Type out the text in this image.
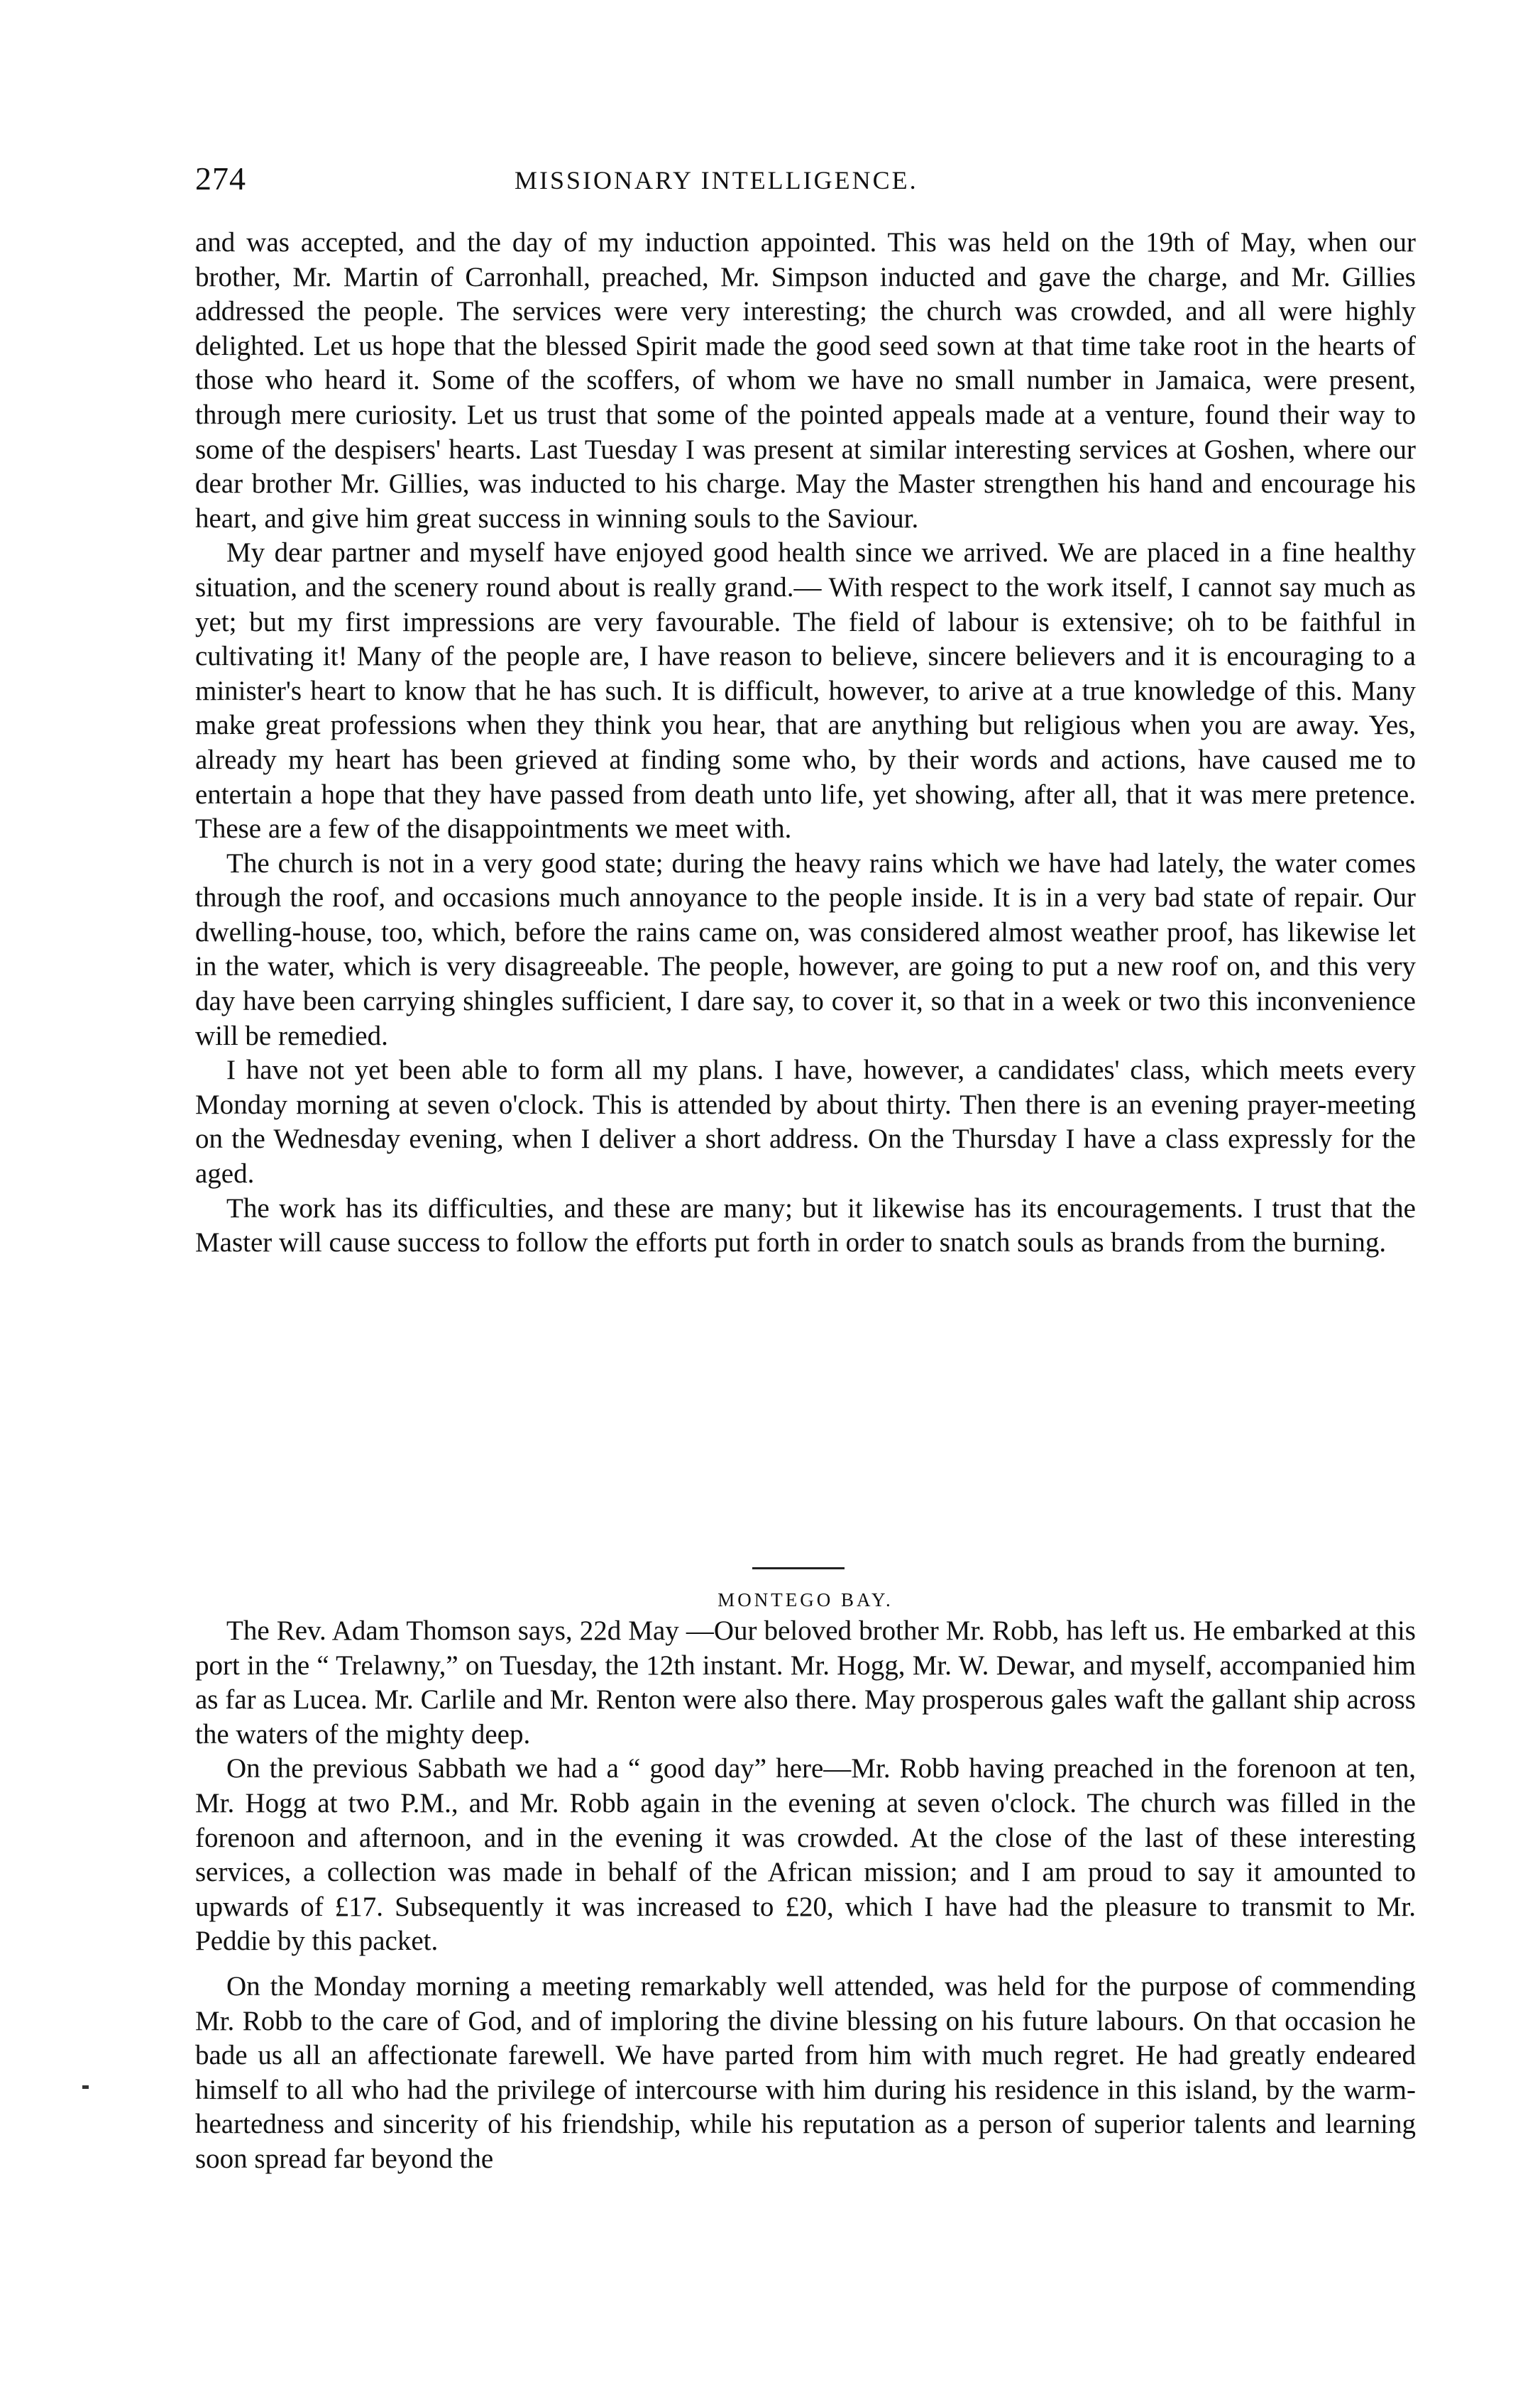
274	MISSIONARY INTELLIGENCE.

and was accepted, and the day of my induction appointed. This was held on the 19th of May, when our brother, Mr. Martin of Carronhall, preached, Mr. Simpson inducted and gave the charge, and Mr. Gillies addressed the people. The services were very interesting; the church was crowded, and all were highly delighted. Let us hope that the blessed Spirit made the good seed sown at that time take root in the hearts of those who heard it. Some of the scoffers, of whom we have no small number in Jamaica, were present, through mere curiosity. Let us trust that some of the pointed appeals made at a venture, found their way to some of the despisers' hearts. Last Tuesday I was present at similar interesting services at Goshen, where our dear brother Mr. Gillies, was inducted to his charge. May the Master strengthen his hand and encourage his heart, and give him great success in winning souls to the Saviour.

My dear partner and myself have enjoyed good health since we arrived. We are placed in a fine healthy situation, and the scenery round about is really grand.— With respect to the work itself, I cannot say much as yet; but my first impressions are very favourable. The field of labour is extensive; oh to be faithful in cultivating it! Many of the people are, I have reason to believe, sincere believers and it is encouraging to a minister's heart to know that he has such. It is difficult, however, to arive at a true knowledge of this. Many make great professions when they think you hear, that are anything but religious when you are away. Yes, already my heart has been grieved at finding some who, by their words and actions, have caused me to entertain a hope that they have passed from death unto life, yet showing, after all, that it was mere pretence. These are a few of the disappointments we meet with.

The church is not in a very good state; during the heavy rains which we have had lately, the water comes through the roof, and occasions much annoyance to the people inside. It is in a very bad state of repair. Our dwelling-house, too, which, before the rains came on, was considered almost weather proof, has likewise let in the water, which is very disagreeable. The people, however, are going to put a new roof on, and this very day have been carrying shingles sufficient, I dare say, to cover it, so that in a week or two this inconvenience will be remedied.

I have not yet been able to form all my plans. I have, however, a candidates' class, which meets every Monday morning at seven o'clock. This is attended by about thirty. Then there is an evening prayer-meeting on the Wednesday evening, when I deliver a short address. On the Thursday I have a class expressly for the aged.

The work has its difficulties, and these are many; but it likewise has its encouragements. I trust that the Master will cause success to follow the efforts put forth in order to snatch souls as brands from the burning.

MONTEGO BAY.

The Rev. Adam Thomson says, 22d May —Our beloved brother Mr. Robb, has left us. He embarked at this port in the “ Trelawny,” on Tuesday, the 12th instant. Mr. Hogg, Mr. W. Dewar, and myself, accompanied him as far as Lucea. Mr. Carlile and Mr. Renton were also there. May prosperous gales waft the gallant ship across the waters of the mighty deep.

On the previous Sabbath we had a “ good day” here—Mr. Robb having preached in the forenoon at ten, Mr. Hogg at two P.M., and Mr. Robb again in the evening at seven o'clock. The church was filled in the forenoon and afternoon, and in the evening it was crowded. At the close of the last of these interesting services, a collection was made in behalf of the African mission; and I am proud to say it amounted to upwards of £17. Subsequently it was increased to £20, which I have had the pleasure to transmit to Mr. Peddie by this packet.

On the Monday morning a meeting remarkably well attended, was held for the purpose of commending Mr. Robb to the care of God, and of imploring the divine blessing on his future labours. On that occasion he bade us all an affectionate farewell. We have parted from him with much regret. He had greatly endeared himself to all who had the privilege of intercourse with him during his residence in this island, by the warm-heartedness and sincerity of his friendship, while his reputation as a person of superior talents and learning soon spread far beyond the
